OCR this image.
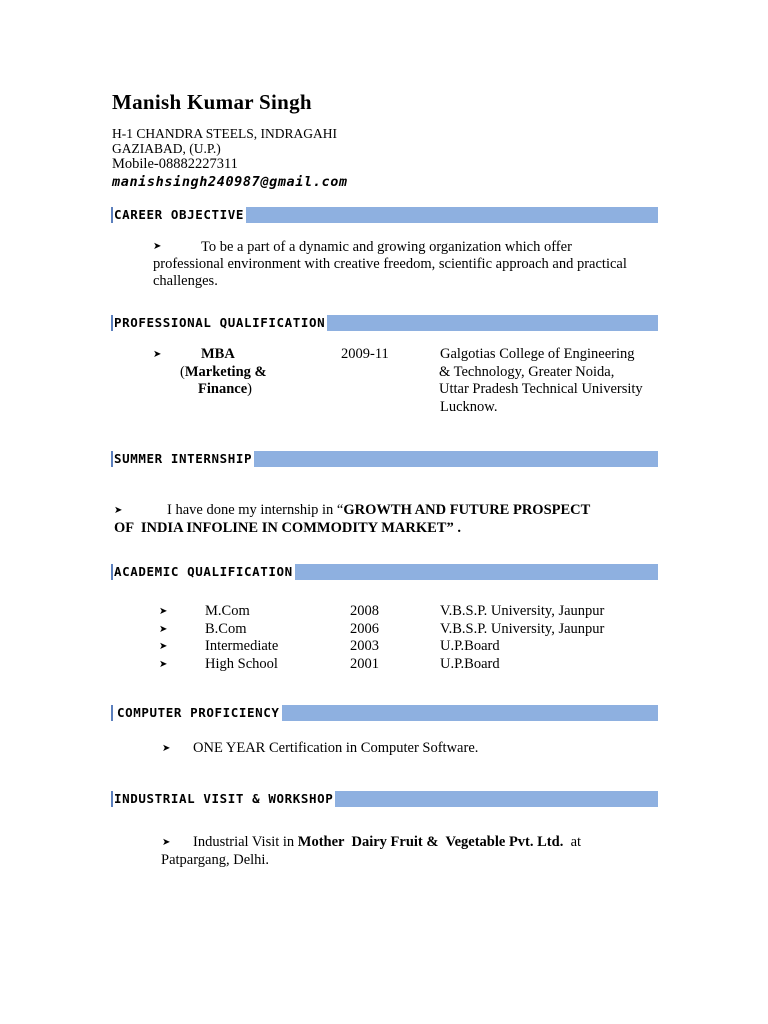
Manish Kumar Singh
H-1 CHANDRA STEELS, INDRAGAHI
GAZIABAD, (U.P.)
Mobile-08882227311
manishsingh240987@gmail.com
CAREER OBJECTIVE
➤	To be a part of a dynamic and growing organization which offer
professional environment with creative freedom, scientific approach and practical
challenges.
PROFESSIONAL QUALIFICATION
➤	MBA
(Marketing &
Finance)
2009-11	Galgotias College of Engineering
& Technology, Greater Noida,
Uttar Pradesh Technical University
Lucknow.
SUMMER INTERNSHIP
➤	I have done my internship in “GROWTH AND FUTURE PROSPECT
OF  INDIA INFOLINE IN COMMODITY MARKET” .
ACADEMIC QUALIFICATION
➤	M.Com	2008	V.B.S.P. University, Jaunpur
➤	B.Com	2006	V.B.S.P. University, Jaunpur
➤	Intermediate	2003	U.P.Board
➤	High School	2001	U.P.Board
COMPUTER PROFICIENCY
➤ ONE YEAR Certification in Computer Software.
INDUSTRIAL VISIT & WORKSHOP
➤ Industrial Visit in Mother  Dairy Fruit &  Vegetable Pvt. Ltd.  at
Patpargang, Delhi.
